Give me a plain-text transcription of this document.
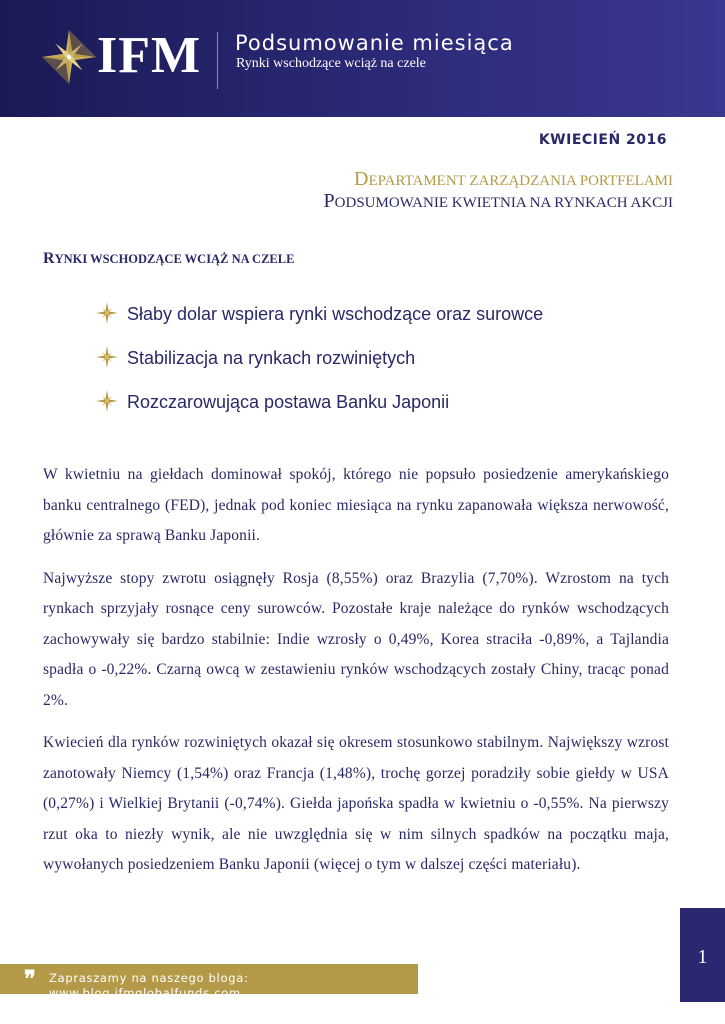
IFM Podsumowanie miesiąca
Rynki wschodzące wciąż na czele
KWIECIEŃ 2016
DEPARTAMENT ZARZĄDZANIA PORTFELAMI
PODSUMOWANIE KWIETNIA NA RYNKACH AKCJI
RYNKI WSCHODZĄCE WCIĄŻ NA CZELE
Słaby dolar wspiera rynki wschodzące oraz surowce
Stabilizacja na rynkach rozwiniętych
Rozczarowująca postawa Banku Japonii

W kwietniu na giełdach dominował spokój, którego nie popsuło posiedzenie amerykańskiego banku centralnego (FED), jednak pod koniec miesiąca na rynku zapanowała większa nerwowość, głównie za sprawą Banku Japonii.

Najwyższe stopy zwrotu osiągnęły Rosja (8,55%) oraz Brazylia (7,70%). Wzrostom na tych rynkach sprzyjały rosnące ceny surowców. Pozostałe kraje należące do rynków wschodzących zachowywały się bardzo stabilnie: Indie wzrosły o 0,49%, Korea straciła -0,89%, a Tajlandia spadła o -0,22%. Czarną owcą w zestawieniu rynków wschodzących zostały Chiny, tracąc ponad 2%.

Kwiecień dla rynków rozwiniętych okazał się okresem stosunkowo stabilnym. Największy wzrost zanotowały Niemcy (1,54%) oraz Francja (1,48%), trochę gorzej poradziły sobie giełdy w USA (0,27%) i Wielkiej Brytanii (-0,74%). Giełda japońska spadła w kwietniu o -0,55%. Na pierwszy rzut oka to niezły wynik, ale nie uwzględnia się w nim silnych spadków na początku maja, wywołanych posiedzeniem Banku Japonii (więcej o tym w dalszej części materiału).

❞ Zapraszamy na naszego bloga: www.blog.ifmglobalfunds.com
1
